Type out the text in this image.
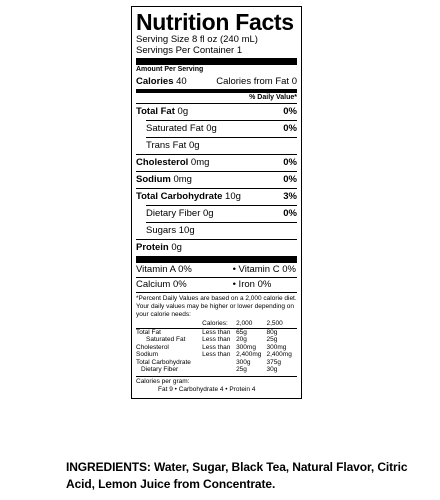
Nutrition Facts
Serving Size 8 fl oz (240 mL)
Servings Per Container 1
Amount Per Serving
Calories 40	Calories from Fat 0
% Daily Value*
Total Fat 0g	0%
Saturated Fat 0g	0%
Trans Fat 0g
Cholesterol 0mg	0%
Sodium 0mg	0%
Total Carbohydrate 10g	3%
Dietary Fiber 0g	0%
Sugars 10g
Protein 0g
Vitamin A 0%	• Vitamin C 0%
Calcium 0%	• Iron 0%
*Percent Daily Values are based on a 2,000 calorie diet. Your daily values may be higher or lower depending on your calorie needs:
	Calories:	2,000	2,500
Total Fat	Less than	65g	80g
Saturated Fat	Less than	20g	25g
Cholesterol	Less than	300mg	300mg
Sodium	Less than	2,400mg	2,400mg
Total Carbohydrate		300g	375g
Dietary Fiber		25g	30g
Calories per gram:
Fat 9 • Carbohydrate 4 • Protein 4
INGREDIENTS: Water, Sugar, Black Tea, Natural Flavor, Citric Acid, Lemon Juice from Concentrate.
